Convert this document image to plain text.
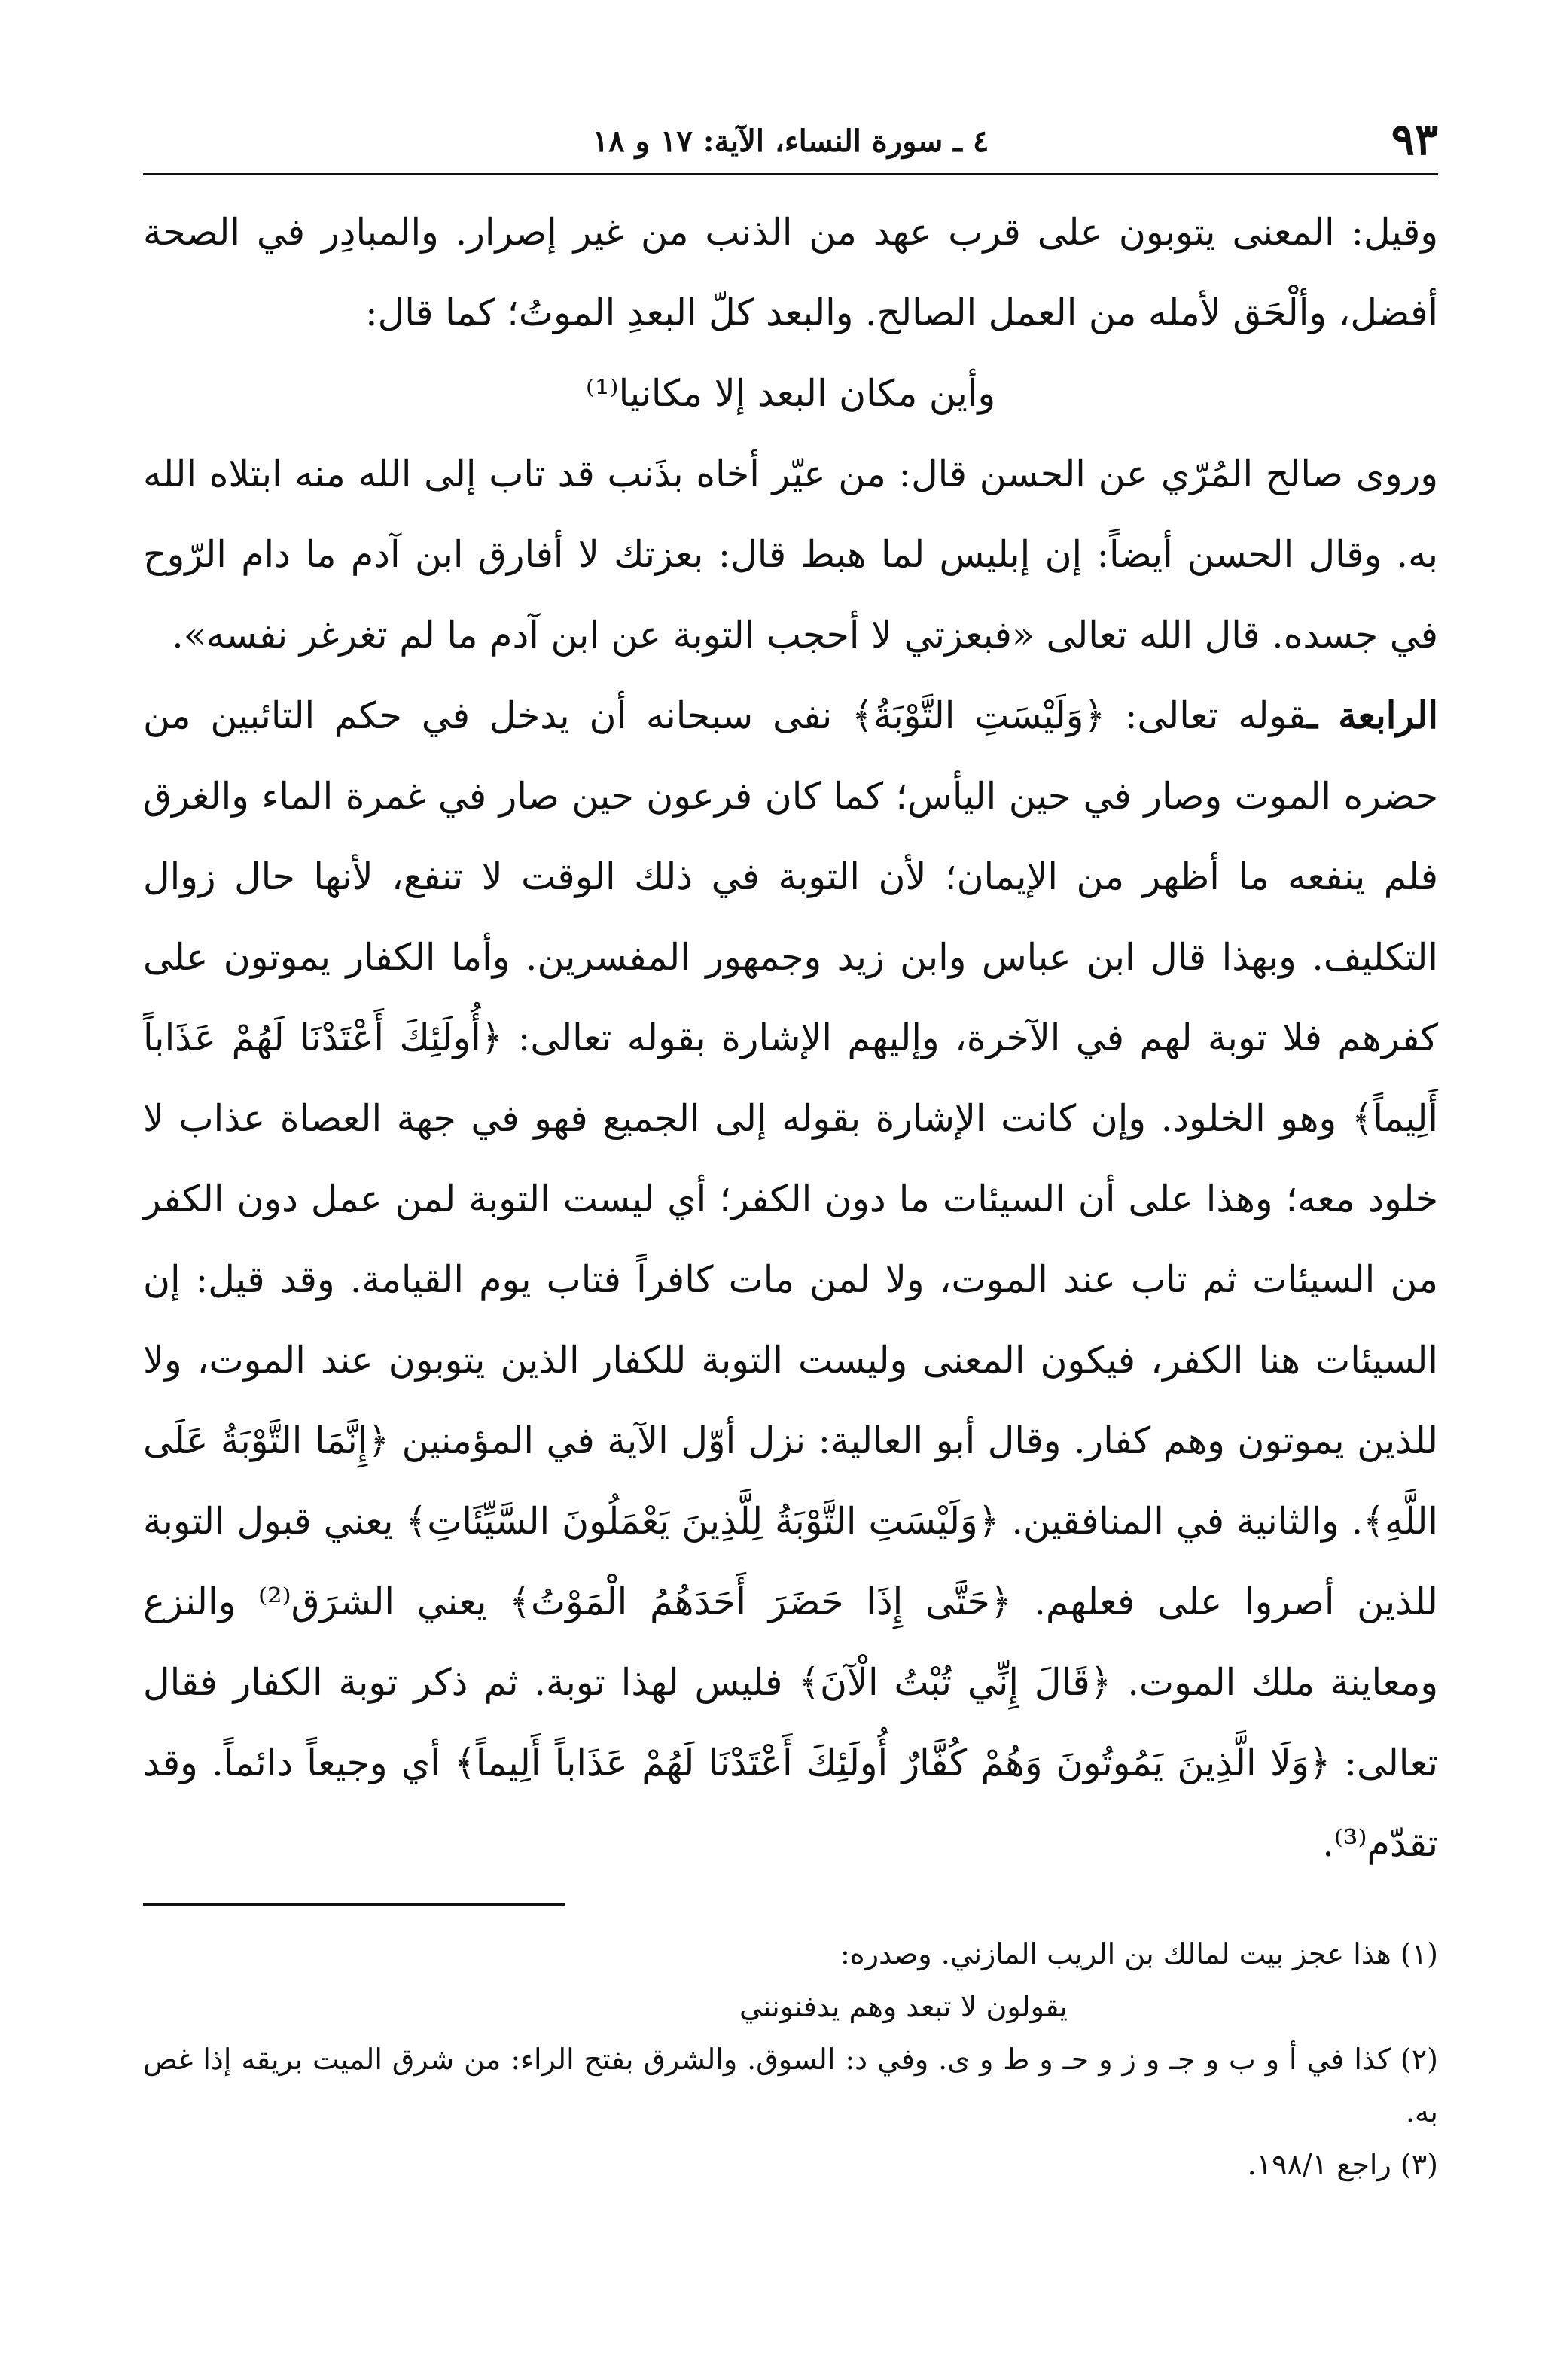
٩٣
٤ ـ سورة النساء، الآية: ١٧ و ١٨

وقيل: المعنى يتوبون على قرب عهد من الذنب من غير إصرار. والمبادِر في الصحة أفضل، وألْحَق لأمله من العمل الصالح. والبعد كلّ البعدِ الموتُ؛ كما قال:

وأين مكان البعد إلا مكانيا⁽¹⁾

وروى صالح المُرّي عن الحسن قال: من عيّر أخاه بذَنب قد تاب إلى الله منه ابتلاه الله به. وقال الحسن أيضاً: إن إبليس لما هبط قال: بعزتك لا أفارق ابن آدم ما دام الرّوح في جسده. قال الله تعالى «فبعزتي لا أحجب التوبة عن ابن آدم ما لم تغرغر نفسه».

الرابعة ـقوله تعالى: ﴿وَلَيْسَتِ التَّوْبَةُ﴾ نفى سبحانه أن يدخل في حكم التائبين من حضره الموت وصار في حين اليأس؛ كما كان فرعون حين صار في غمرة الماء والغرق فلم ينفعه ما أظهر من الإيمان؛ لأن التوبة في ذلك الوقت لا تنفع، لأنها حال زوال التكليف. وبهذا قال ابن عباس وابن زيد وجمهور المفسرين. وأما الكفار يموتون على كفرهم فلا توبة لهم في الآخرة، وإليهم الإشارة بقوله تعالى: ﴿أُولَئِكَ أَعْتَدْنَا لَهُمْ عَذَاباً أَلِيماً﴾ وهو الخلود. وإن كانت الإشارة بقوله إلى الجميع فهو في جهة العصاة عذاب لا خلود معه؛ وهذا على أن السيئات ما دون الكفر؛ أي ليست التوبة لمن عمل دون الكفر من السيئات ثم تاب عند الموت، ولا لمن مات كافراً فتاب يوم القيامة. وقد قيل: إن السيئات هنا الكفر، فيكون المعنى وليست التوبة للكفار الذين يتوبون عند الموت، ولا للذين يموتون وهم كفار. وقال أبو العالية: نزل أوّل الآية في المؤمنين ﴿إِنَّمَا التَّوْبَةُ عَلَى اللَّهِ﴾. والثانية في المنافقين. ﴿وَلَيْسَتِ التَّوْبَةُ لِلَّذِينَ يَعْمَلُونَ السَّيِّئَاتِ﴾ يعني قبول التوبة للذين أصروا على فعلهم. ﴿حَتَّى إِذَا حَضَرَ أَحَدَهُمُ الْمَوْتُ﴾ يعني الشرَق⁽²⁾ والنزع ومعاينة ملك الموت. ﴿قَالَ إِنِّي تُبْتُ الْآنَ﴾ فليس لهذا توبة. ثم ذكر توبة الكفار فقال تعالى: ﴿وَلَا الَّذِينَ يَمُوتُونَ وَهُمْ كُفَّارٌ أُولَئِكَ أَعْتَدْنَا لَهُمْ عَذَاباً أَلِيماً﴾ أي وجيعاً دائماً. وقد تقدّم⁽³⁾.

(١) هذا عجز بيت لمالك بن الريب المازني. وصدره:

يقولون لا تبعد وهم يدفنونني

(٢) كذا في أ و ب و جـ و ز و حـ و ط و ى. وفي د: السوق. والشرق بفتح الراء: من شرق الميت بريقه إذا غص به.

(٣) راجع ١٩٨/١.
